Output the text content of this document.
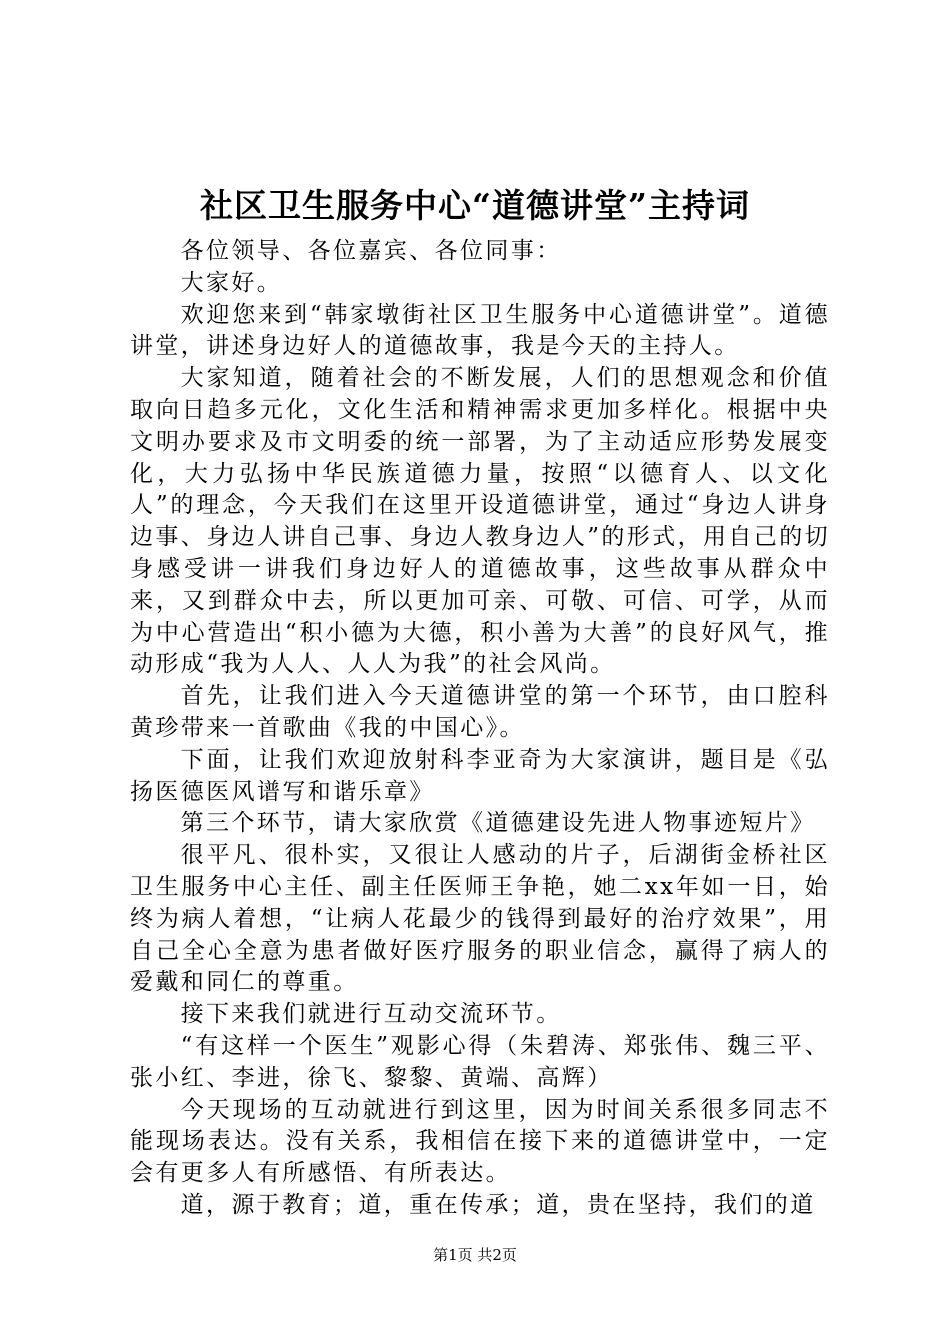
社区卫生服务中心“道德讲堂”主持词

各位领导、各位嘉宾、各位同事：

大家好。

欢迎您来到“韩家墩街社区卫生服务中心道德讲堂”。道德讲堂，讲述身边好人的道德故事，我是今天的主持人。

大家知道，随着社会的不断发展，人们的思想观念和价值取向日趋多元化，文化生活和精神需求更加多样化。根据中央文明办要求及市文明委的统一部署，为了主动适应形势发展变化，大力弘扬中华民族道德力量，按照“以德育人、以文化人”的理念，今天我们在这里开设道德讲堂，通过“身边人讲身边事、身边人讲自己事、身边人教身边人”的形式，用自己的切身感受讲一讲我们身边好人的道德故事，这些故事从群众中来，又到群众中去，所以更加可亲、可敬、可信、可学，从而为中心营造出“积小德为大德，积小善为大善”的良好风气，推动形成“我为人人、人人为我”的社会风尚。

首先，让我们进入今天道德讲堂的第一个环节，由口腔科黄珍带来一首歌曲《我的中国心》。

下面，让我们欢迎放射科李亚奇为大家演讲，题目是《弘扬医德医风谱写和谐乐章》

第三个环节，请大家欣赏《道德建设先进人物事迹短片》

很平凡、很朴实，又很让人感动的片子，后湖街金桥社区卫生服务中心主任、副主任医师王争艳，她二xx年如一日，始终为病人着想，“让病人花最少的钱得到最好的治疗效果”，用自己全心全意为患者做好医疗服务的职业信念，赢得了病人的爱戴和同仁的尊重。

接下来我们就进行互动交流环节。

“有这样一个医生”观影心得（朱碧涛、郑张伟、魏三平、张小红、李进，徐飞、黎黎、黄端、高辉）

今天现场的互动就进行到这里，因为时间关系很多同志不能现场表达。没有关系，我相信在接下来的道德讲堂中，一定会有更多人有所感悟、有所表达。

道，源于教育；道，重在传承；道，贵在坚持，我们的道

第1页 共2页
